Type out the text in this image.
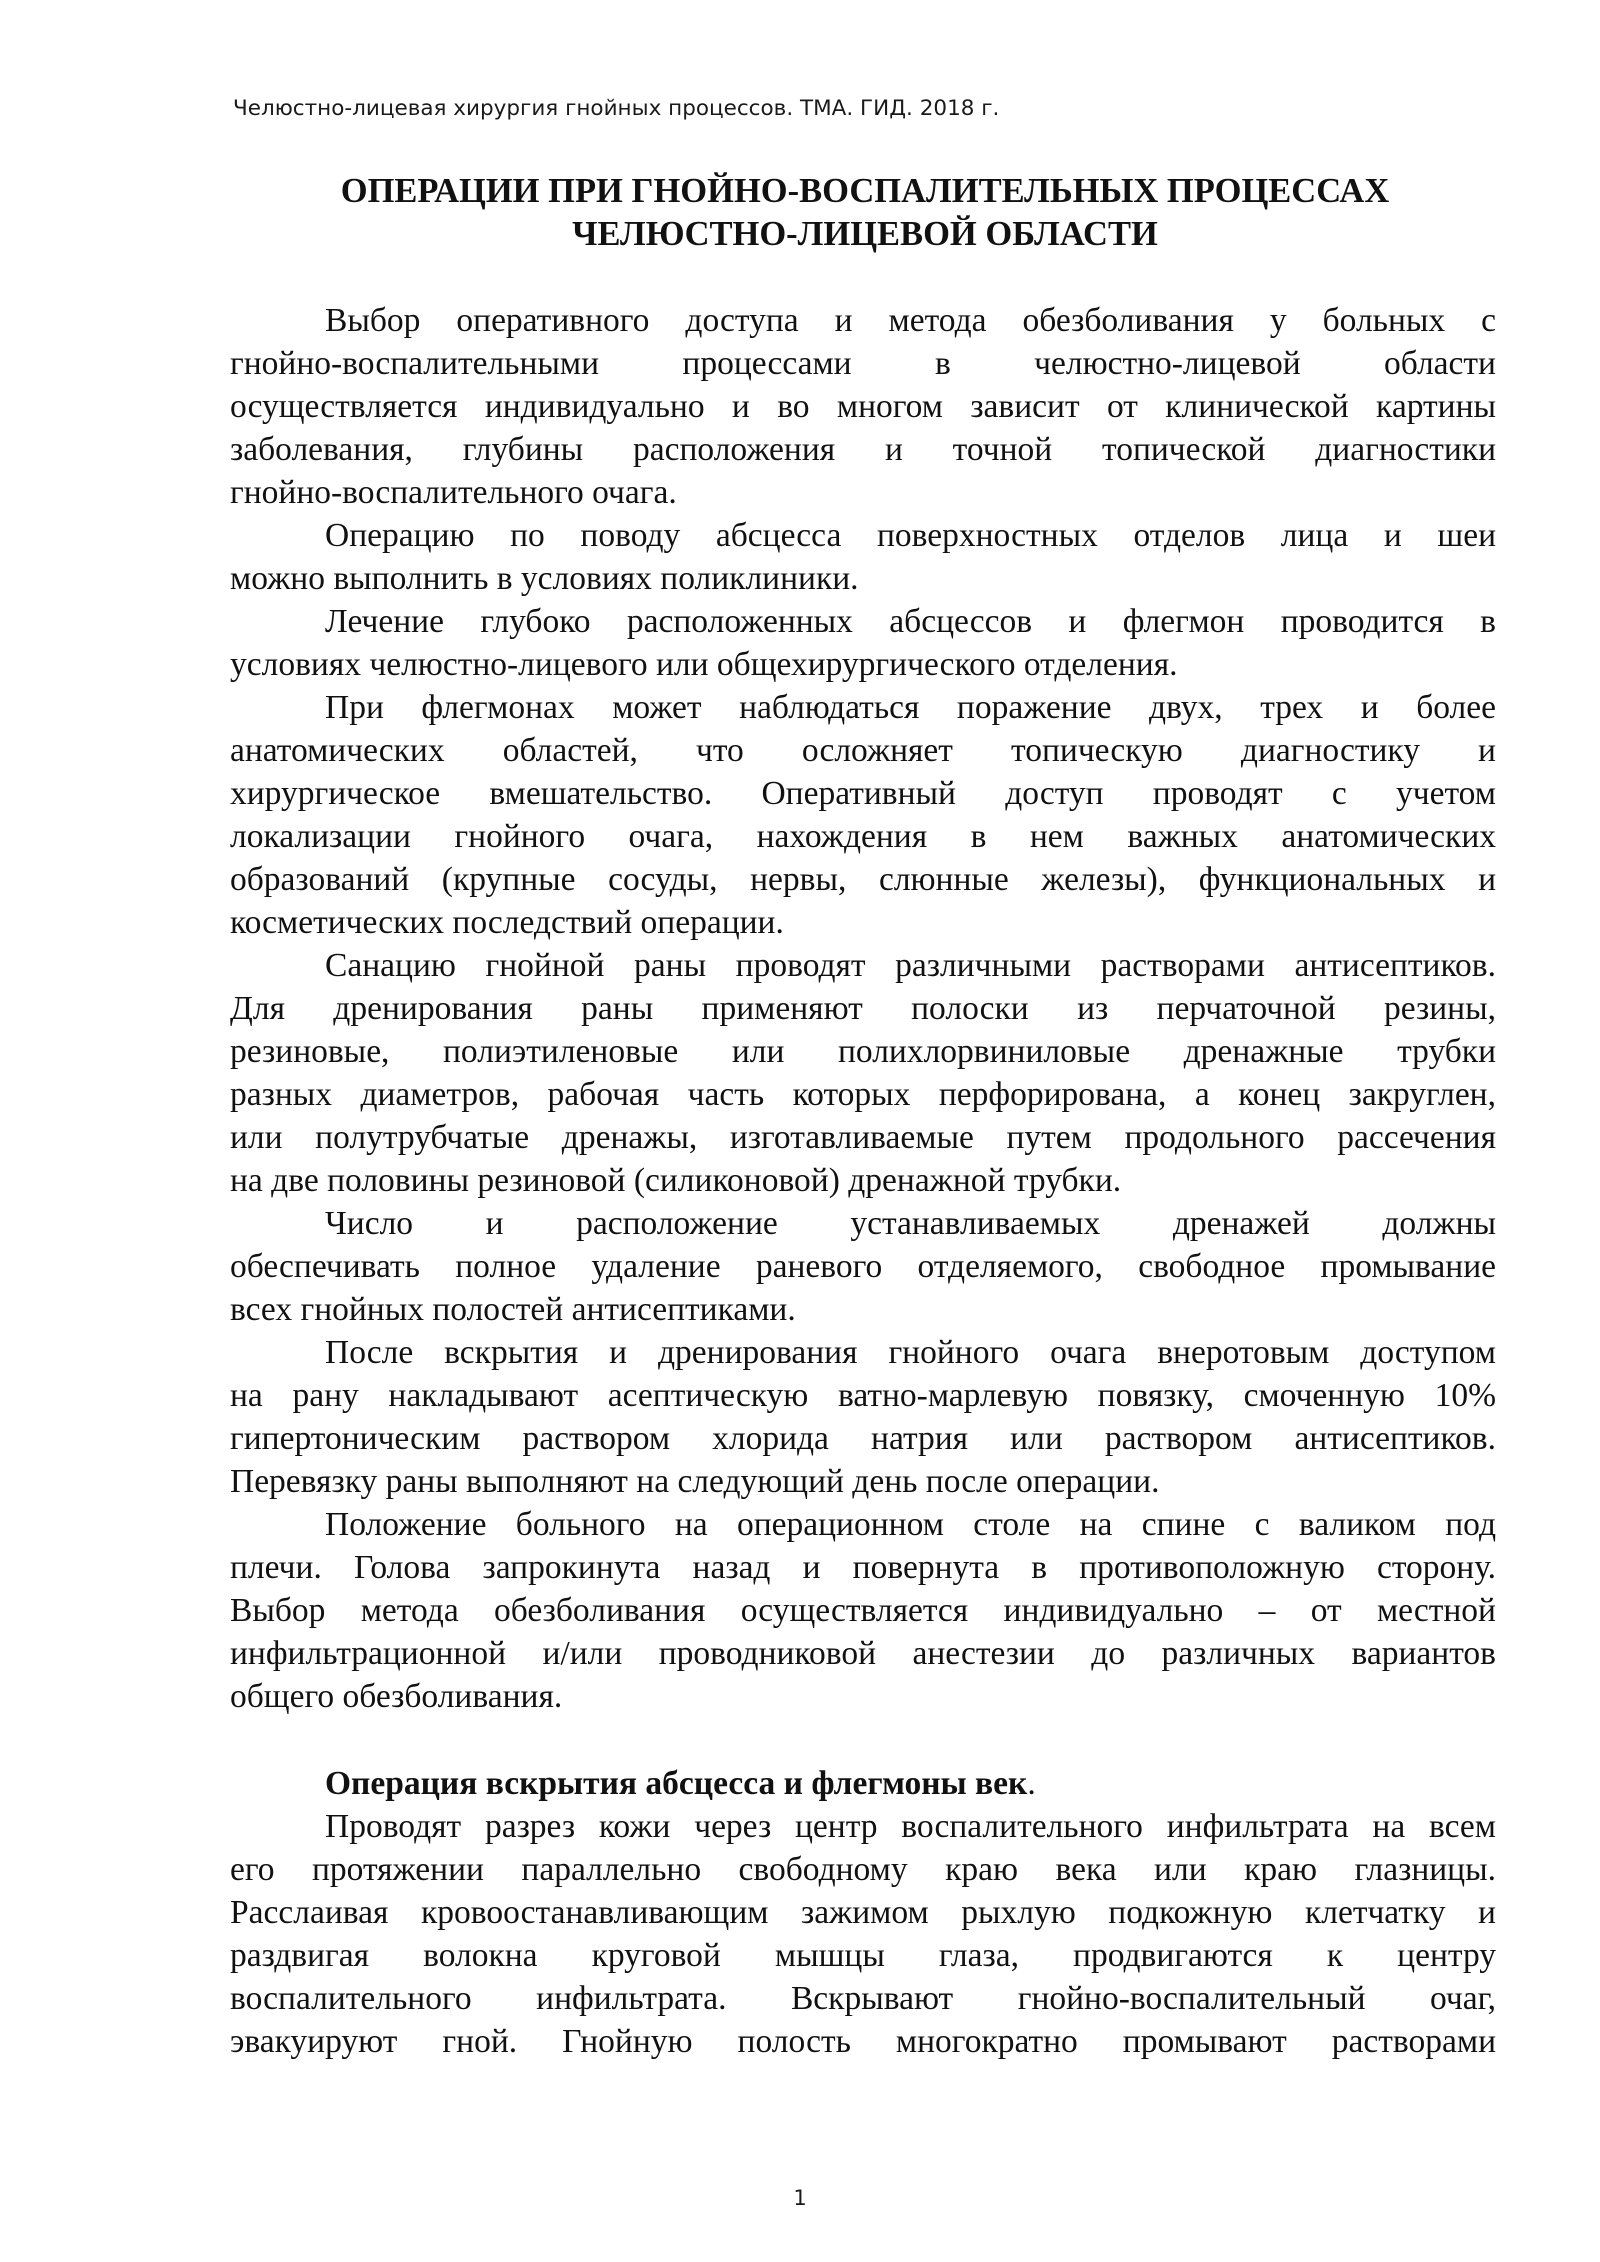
Челюстно-лицевая хирургия гнойных процессов. ТМА. ГИД. 2018 г.
ОПЕРАЦИИ ПРИ ГНОЙНО-ВОСПАЛИТЕЛЬНЫХ ПРОЦЕССАХ
ЧЕЛЮСТНО-ЛИЦЕВОЙ ОБЛАСТИ
Выбор оперативного доступа и метода обезболивания у больных с
гнойно-воспалительными процессами в челюстно-лицевой области
осуществляется индивидуально и во многом зависит от клинической картины
заболевания, глубины расположения и точной топической диагностики
гнойно-воспалительного очага.
Операцию по поводу абсцесса поверхностных отделов лица и шеи
можно выполнить в условиях поликлиники.
Лечение глубоко расположенных абсцессов и флегмон проводится в
условиях челюстно-лицевого или общехирургического отделения.
При флегмонах может наблюдаться поражение двух, трех и более
анатомических областей, что осложняет топическую диагностику и
хирургическое вмешательство. Оперативный доступ проводят с учетом
локализации гнойного очага, нахождения в нем важных анатомических
образований (крупные сосуды, нервы, слюнные железы), функциональных и
косметических последствий операции.
Санацию гнойной раны проводят различными растворами антисептиков.
Для дренирования раны применяют полоски из перчаточной резины,
резиновые, полиэтиленовые или полихлорвиниловые дренажные трубки
разных диаметров, рабочая часть которых перфорирована, а конец закруглен,
или полутрубчатые дренажы, изготавливаемые путем продольного рассечения
на две половины резиновой (силиконовой) дренажной трубки.
Число и расположение устанавливаемых дренажей должны
обеспечивать полное удаление раневого отделяемого, свободное промывание
всех гнойных полостей антисептиками.
После вскрытия и дренирования гнойного очага внеротовым доступом
на рану накладывают асептическую ватно-марлевую повязку, смоченную 10%
гипертоническим раствором хлорида натрия или раствором антисептиков.
Перевязку раны выполняют на следующий день после операции.
Положение больного на операционном столе на спине с валиком под
плечи. Голова запрокинута назад и повернута в противоположную сторону.
Выбор метода обезболивания осуществляется индивидуально – от местной
инфильтрационной и/или проводниковой анестезии до различных вариантов
общего обезболивания.
Операция вскрытия абсцесса и флегмоны век.
Проводят разрез кожи через центр воспалительного инфильтрата на всем
его протяжении параллельно свободному краю века или краю глазницы.
Расслаивая кровоостанавливающим зажимом рыхлую подкожную клетчатку и
раздвигая волокна круговой мышцы глаза, продвигаются к центру
воспалительного инфильтрата. Вскрывают гнойно-воспалительный очаг,
эвакуируют гной. Гнойную полость многократно промывают растворами
1
